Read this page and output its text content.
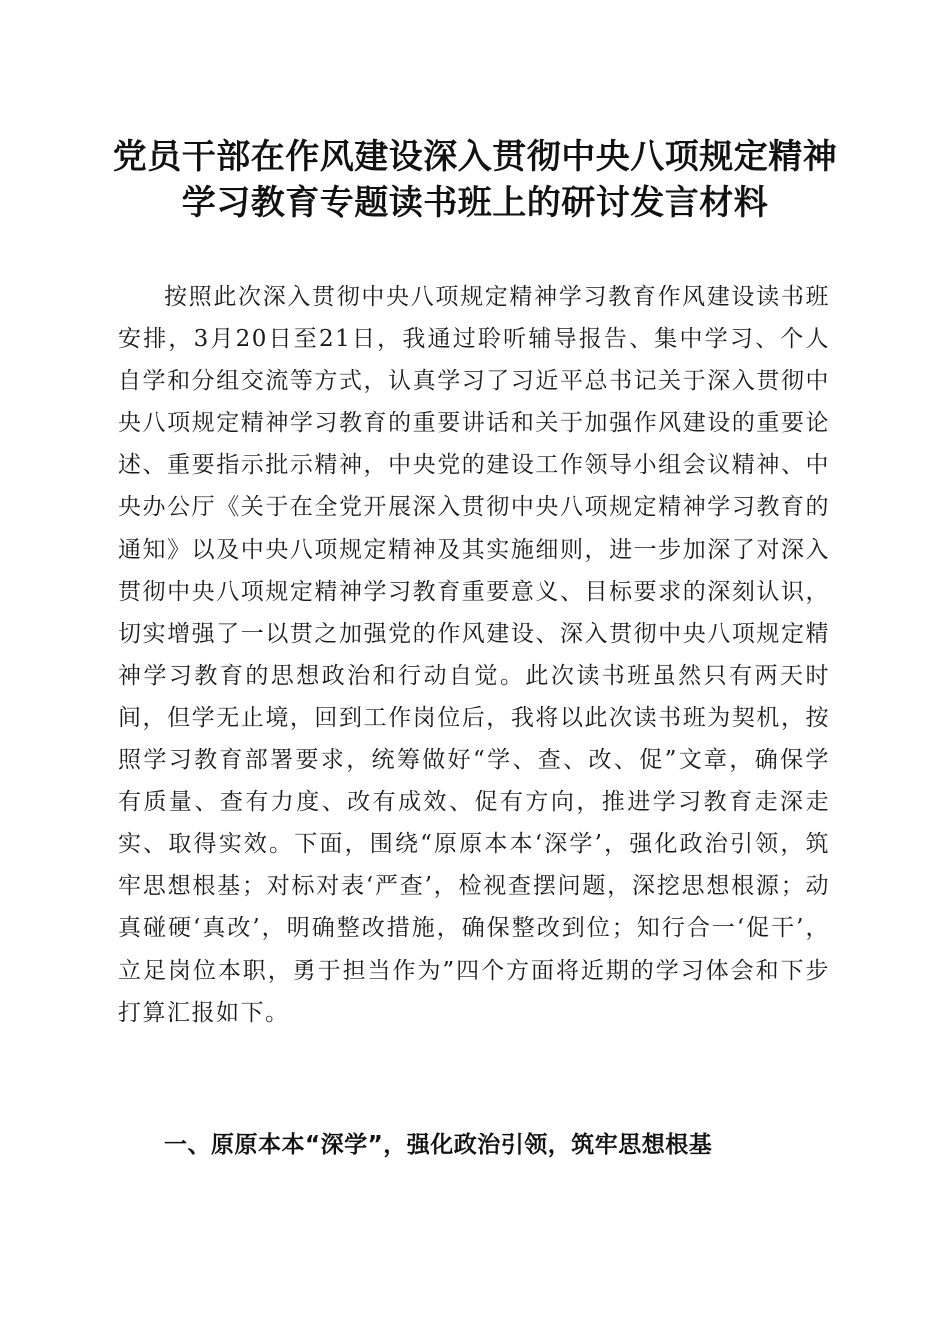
党员干部在作风建设深入贯彻中央八项规定精神学习教育专题读书班上的研讨发言材料

按照此次深入贯彻中央八项规定精神学习教育作风建设读书班安排，3月20日至21日，我通过聆听辅导报告、集中学习、个人自学和分组交流等方式，认真学习了习近平总书记关于深入贯彻中央八项规定精神学习教育的重要讲话和关于加强作风建设的重要论述、重要指示批示精神，中央党的建设工作领导小组会议精神、中央办公厅《关于在全党开展深入贯彻中央八项规定精神学习教育的通知》以及中央八项规定精神及其实施细则，进一步加深了对深入贯彻中央八项规定精神学习教育重要意义、目标要求的深刻认识，切实增强了一以贯之加强党的作风建设、深入贯彻中央八项规定精神学习教育的思想政治和行动自觉。此次读书班虽然只有两天时间，但学无止境，回到工作岗位后，我将以此次读书班为契机，按照学习教育部署要求，统筹做好“学、查、改、促”文章，确保学有质量、查有力度、改有成效、促有方向，推进学习教育走深走实、取得实效。下面，围绕“原原本本‘深学’，强化政治引领，筑牢思想根基；对标对表‘严查’，检视查摆问题，深挖思想根源；动真碰硬‘真改’，明确整改措施，确保整改到位；知行合一‘促干’，立足岗位本职，勇于担当作为”四个方面将近期的学习体会和下步打算汇报如下。

一、原原本本“深学”，强化政治引领，筑牢思想根基
